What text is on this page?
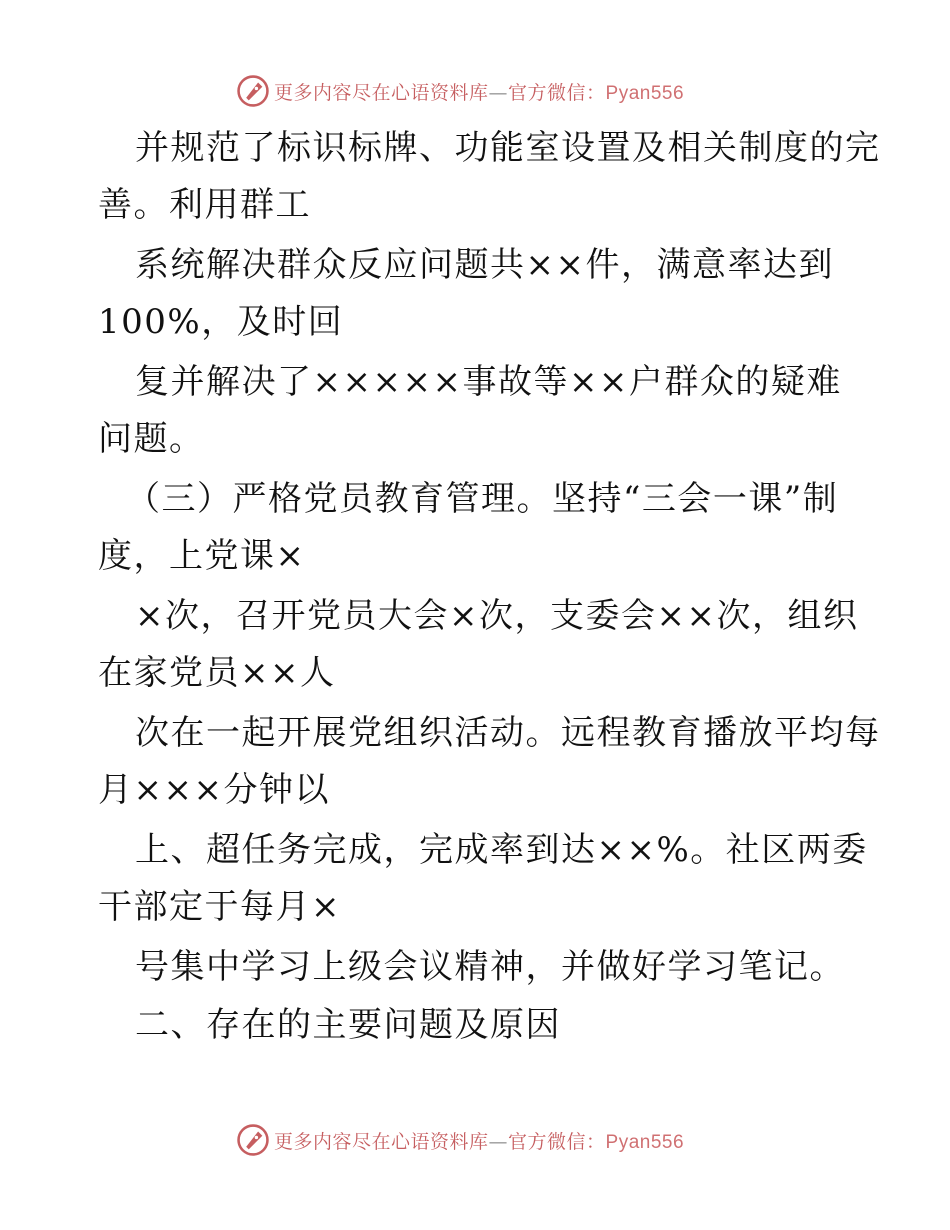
更多内容尽在心语资料库—官方微信：Pyan556
并规范了标识标牌、功能室设置及相关制度的完
善。利用群工
系统解决群众反应问题共××件，满意率达到
100%，及时回
复并解决了×××××事故等××户群众的疑难
问题。
（三）严格党员教育管理。坚持“三会一课”制
度，上党课×
×次，召开党员大会×次，支委会××次，组织
在家党员××人
次在一起开展党组织活动。远程教育播放平均每
月×××分钟以
上、超任务完成，完成率到达××%。社区两委
干部定于每月×
号集中学习上级会议精神，并做好学习笔记。
二、存在的主要问题及原因
更多内容尽在心语资料库—官方微信：Pyan556
